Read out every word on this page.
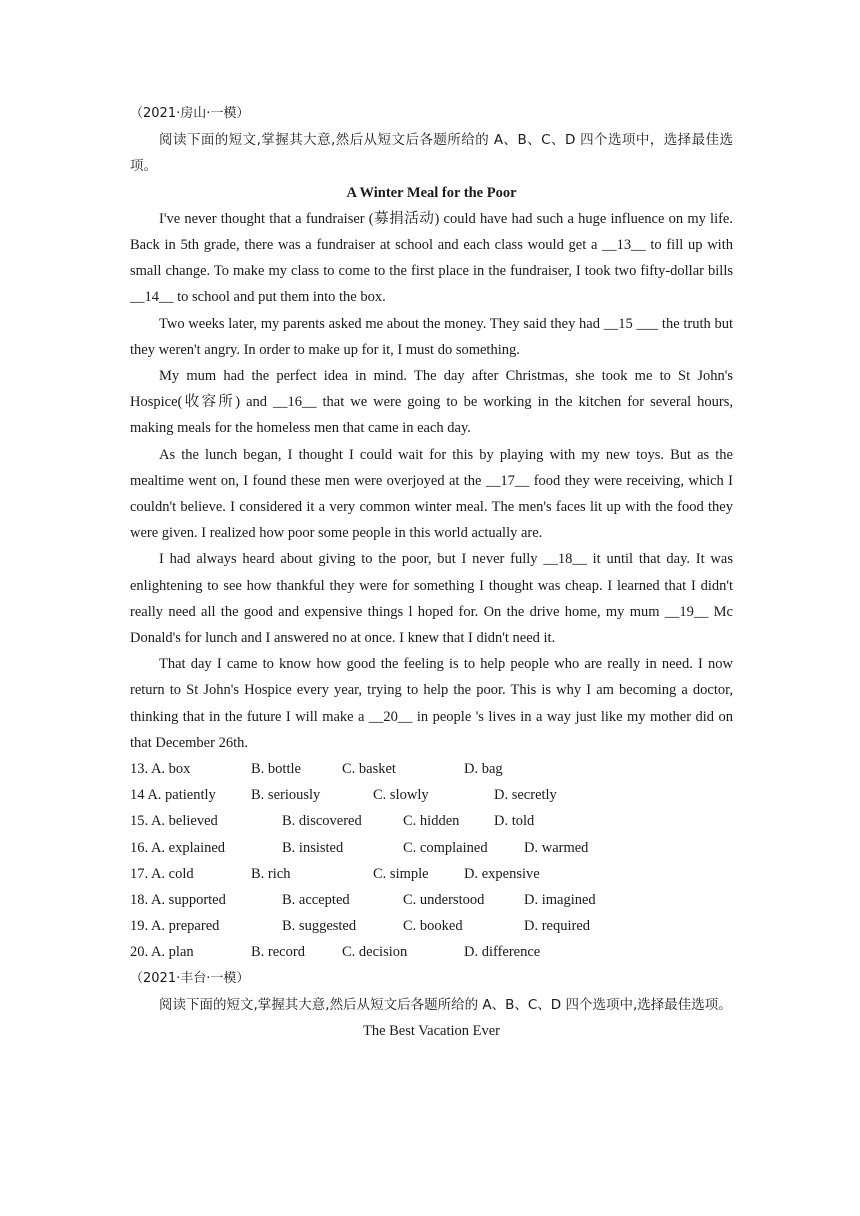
（2021·房山·一模）

阅读下面的短文,掌握其大意,然后从短文后各题所给的 A、B、C、D 四个选项中，选择最佳选项。

A Winter Meal for the Poor

I've never thought that a fundraiser (募捐活动) could have had such a huge influence on my life. Back in 5th grade, there was a fundraiser at school and each class would get a __13__ to fill up with small change. To make my class to come to the first place in the fundraiser, I took two fifty-dollar bills __14__ to school and put them into the box.

Two weeks later, my parents asked me about the money. They said they had __15 ___ the truth but they weren't angry. In order to make up for it, I must do something.

My mum had the perfect idea in mind. The day after Christmas, she took me to St John's Hospice(收容所) and __16__ that we were going to be working in the kitchen for several hours, making meals for the homeless men that came in each day.

As the lunch began, I thought I could wait for this by playing with my new toys. But as the mealtime went on, I found these men were overjoyed at the __17__ food they were receiving, which I couldn't believe. I considered it a very common winter meal. The men's faces lit up with the food they were given. I realized how poor some people in this world actually are.

I had always heard about giving to the poor, but I never fully __18__ it until that day. It was enlightening to see how thankful they were for something I thought was cheap. I learned that I didn't really need all the good and expensive things l hoped for. On the drive home, my mum __19__ Mc Donald's for lunch and I answered no at once. I knew that I didn't need it.

That day I came to know how good the feeling is to help people who are really in need. I now return to St John's Hospice every year, trying to help the poor. This is why I am becoming a doctor, thinking that in the future I will make a __20__ in people 's lives in a way just like my mother did on that December 26th.

13. A. box	B. bottle	C. basket	D. bag
14 A. patiently B. seriously	C. slowly	D. secretly
15. A. believed	B. discovered	C. hidden D. told
16. A. explained	B. insisted	C. complained	D. warmed
17. A. cold	B. rich	C. simple D. expensive
18. A. supported	B. accepted	C. understood	D. imagined
19. A. prepared	B. suggested	C. booked	D. required
20. A. plan	B. record	C. decision	D. difference
（2021·丰台·一模）

阅读下面的短文,掌握其大意,然后从短文后各题所给的 A、B、C、D 四个选项中,选择最佳选项。

The Best Vacation Ever
